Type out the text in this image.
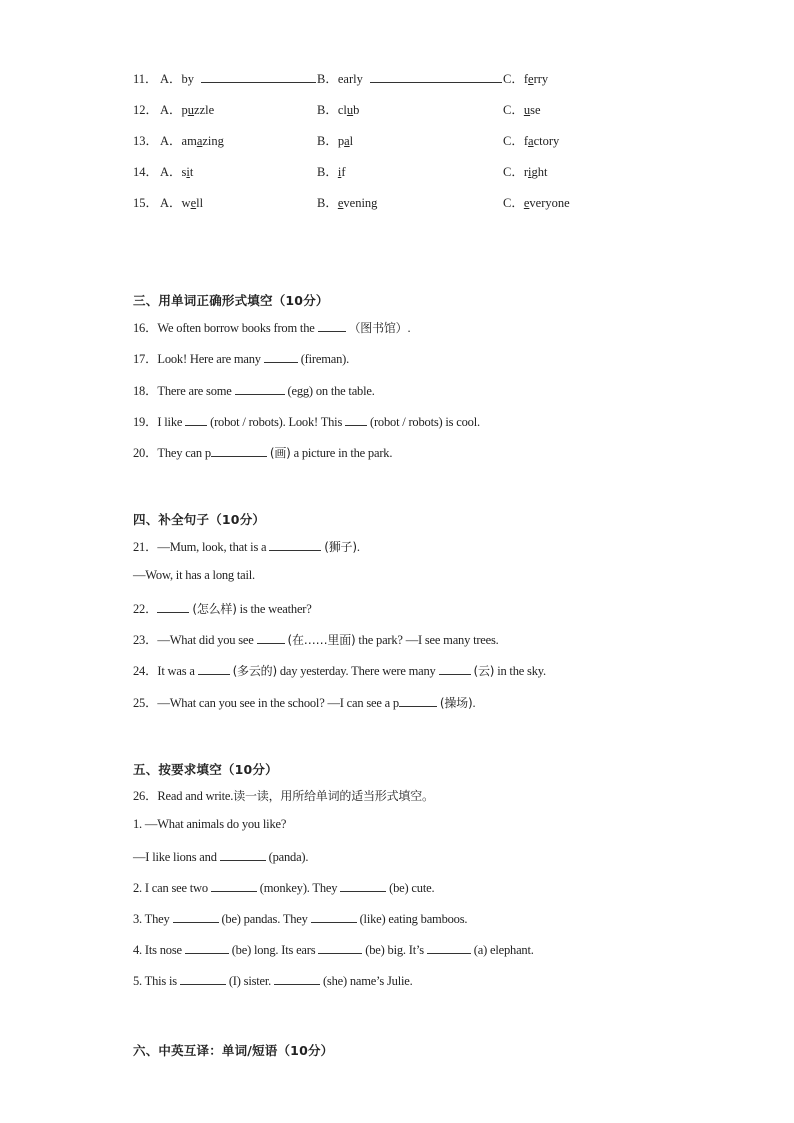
11． A．by	B．early	C．ferry
12． A．puzzle	B．club	C．use
13． A．amazing	B．pal	C．factory
14． A．sit	B．if	C．right
15． A．well	B．evening	C．everyone
三、用单词正确形式填空（10分）
16．We often borrow books from the	（图书馆）.
17．Look! Here are many	(fireman).
18．There are some	(egg) on the table.
19．I like (robot / robots). Look! This (robot / robots) is cool.
20．They can p	(画) a picture in the park.
四、补全句子（10分）
21．—Mum, look, that is a	(狮子).
—Wow, it has a long tail.
22．	(怎么样) is the weather?
23．—What did you see	(在……里面) the park? —I see many trees.
24．It was a	(多云的) day yesterday. There were many	(云) in the sky.
25．—What can you see in the school? —I can see a p	(操场).
五、按要求填空（10分）
26．Read and write.读一读，用所给单词的适当形式填空。
1. —What animals do you like?
—I like lions and	(panda).
2. I can see two	(monkey). They	(be) cute.
3. They	(be) pandas. They	(like) eating bamboos.
4. Its nose	(be) long. Its ears	(be) big. It’s	(a) elephant.
5. This is	(I) sister.	(she) name’s Julie.
六、中英互译：单词/短语（10分）
